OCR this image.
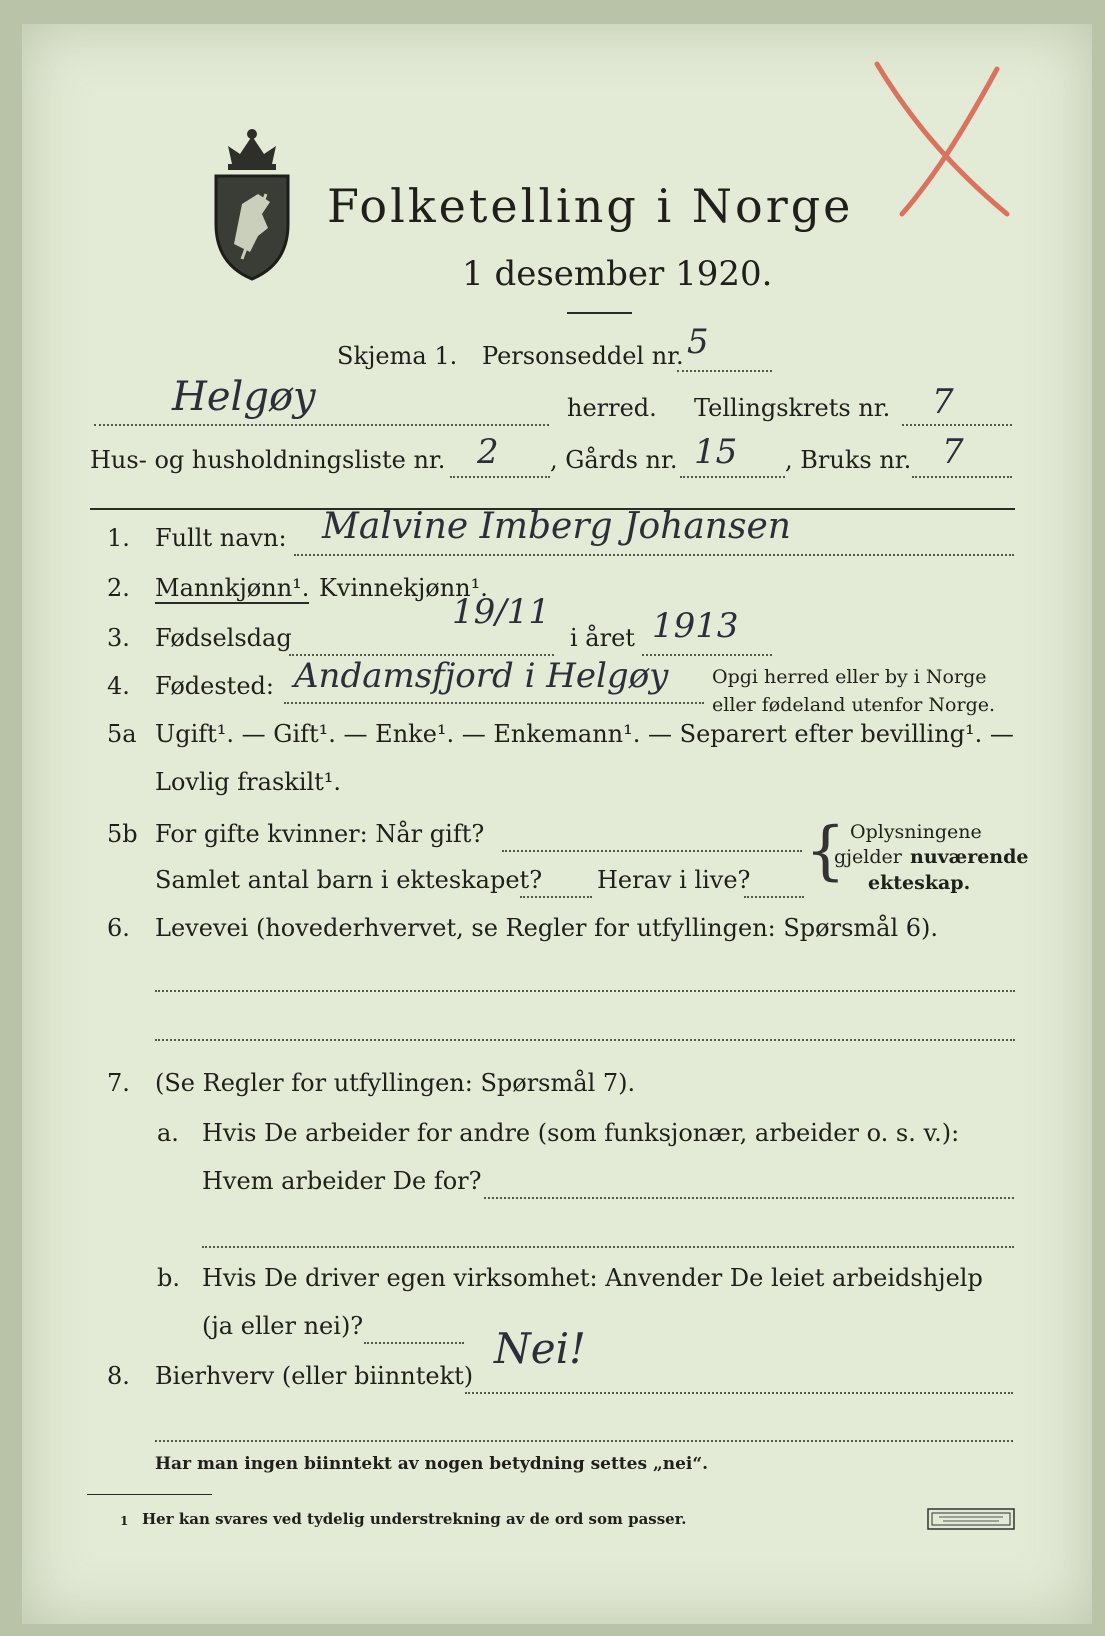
Folketelling i Norge
1 desember 1920.
Skjema 1. Personseddel nr. 5
Helgøy	herred. Tellingskrets nr. 7
Hus- og husholdningsliste nr. 2 , Gårds nr. 15 , Bruks nr. 7
1. Fullt navn: Malvine Imberg Johansen
2. Mannkjønn¹. Kvinnekjønn¹.
3. Fødselsdag
19/11
i året 1913
4. Fødested: Andamsfjord i Helgøy Opgi herred eller by i Norge
eller fødeland utenfor Norge.
5a Ugift¹. — Gift¹. — Enke¹. — Enkemann¹. — Separert efter bevilling¹. —
Lovlig fraskilt¹.
5b For gifte kvinner: Når gift?
Samlet antal barn i ekteskapet? Herav i live? { Oplysningene
gjelder nuværende
ekteskap.
6. Levevei (hovederhvervet, se Regler for utfyllingen: Spørsmål 6).
7. (Se Regler for utfyllingen: Spørsmål 7).
a. Hvis De arbeider for andre (som funksjonær, arbeider o. s. v.):
Hvem arbeider De for?
b. Hvis De driver egen virksomhet: Anvender De leiet arbeidshjelp
(ja eller nei)?
8. Bierhverv (eller biinntekt)
Nei!
Har man ingen biinntekt av nogen betydning settes „nei“.
1 Her kan svares ved tydelig understrekning av de ord som passer.
